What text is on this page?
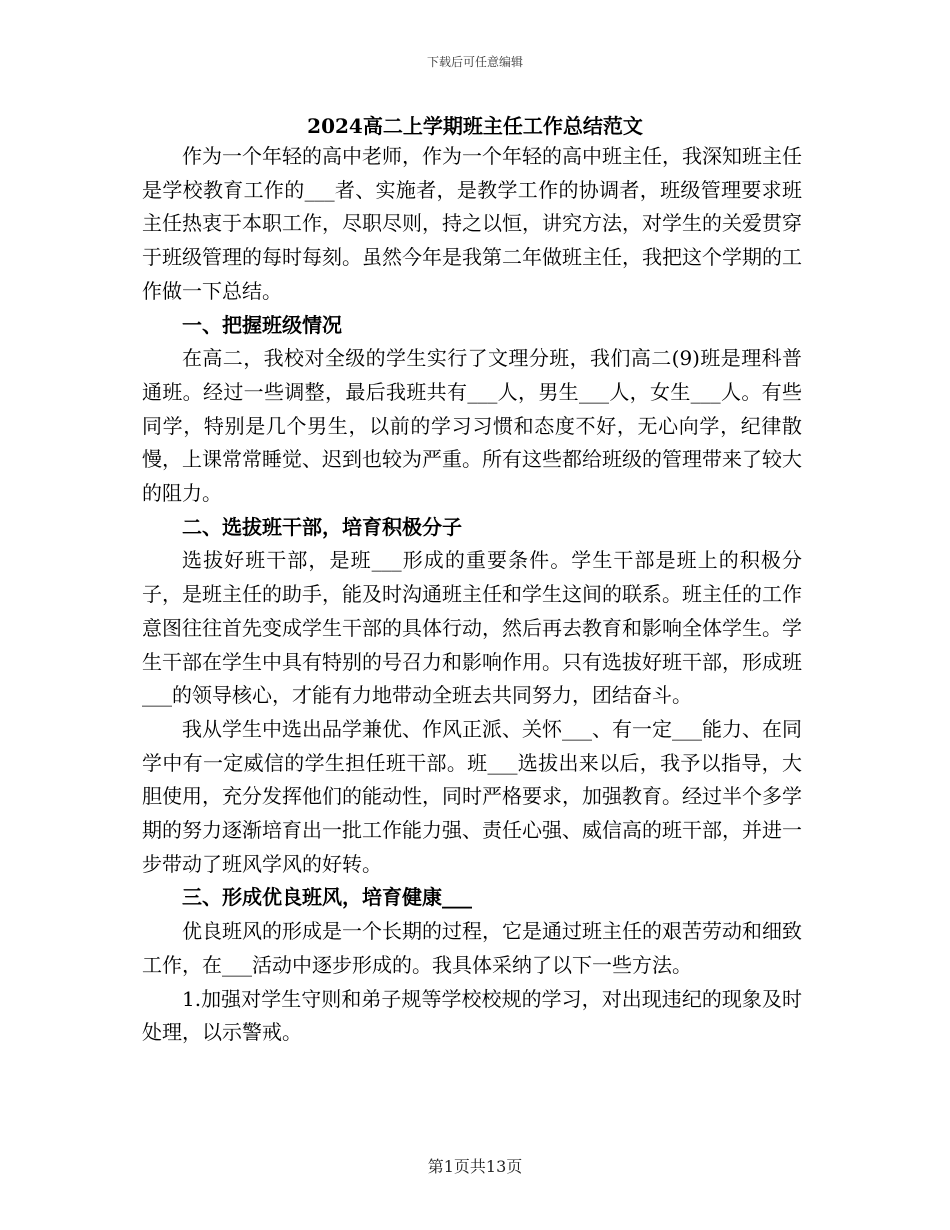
下载后可任意编辑
2024高二上学期班主任工作总结范文

作为一个年轻的高中老师，作为一个年轻的高中班主任，我深知班主任是学校教育工作的___者、实施者，是教学工作的协调者，班级管理要求班主任热衷于本职工作，尽职尽则，持之以恒，讲究方法，对学生的关爱贯穿于班级管理的每时每刻。虽然今年是我第二年做班主任，我把这个学期的工作做一下总结。

一、把握班级情况

在高二，我校对全级的学生实行了文理分班，我们高二(9)班是理科普通班。经过一些调整，最后我班共有___人，男生___人，女生___人。有些同学，特别是几个男生，以前的学习习惯和态度不好，无心向学，纪律散慢，上课常常睡觉、迟到也较为严重。所有这些都给班级的管理带来了较大的阻力。

二、选拔班干部，培育积极分子

选拔好班干部，是班___形成的重要条件。学生干部是班上的积极分子，是班主任的助手，能及时沟通班主任和学生这间的联系。班主任的工作意图往往首先变成学生干部的具体行动，然后再去教育和影响全体学生。学生干部在学生中具有特别的号召力和影响作用。只有选拔好班干部，形成班___的领导核心，才能有力地带动全班去共同努力，团结奋斗。

我从学生中选出品学兼优、作风正派、关怀___、有一定___能力、在同学中有一定威信的学生担任班干部。班___选拔出来以后，我予以指导，大胆使用，充分发挥他们的能动性，同时严格要求，加强教育。经过半个多学期的努力逐渐培育出一批工作能力强、责任心强、威信高的班干部，并进一步带动了班风学风的好转。

三、形成优良班风，培育健康___

优良班风的形成是一个长期的过程，它是通过班主任的艰苦劳动和细致工作，在___活动中逐步形成的。我具体采纳了以下一些方法。

1.加强对学生守则和弟子规等学校校规的学习，对出现违纪的现象及时处理，以示警戒。

第1页共13页
